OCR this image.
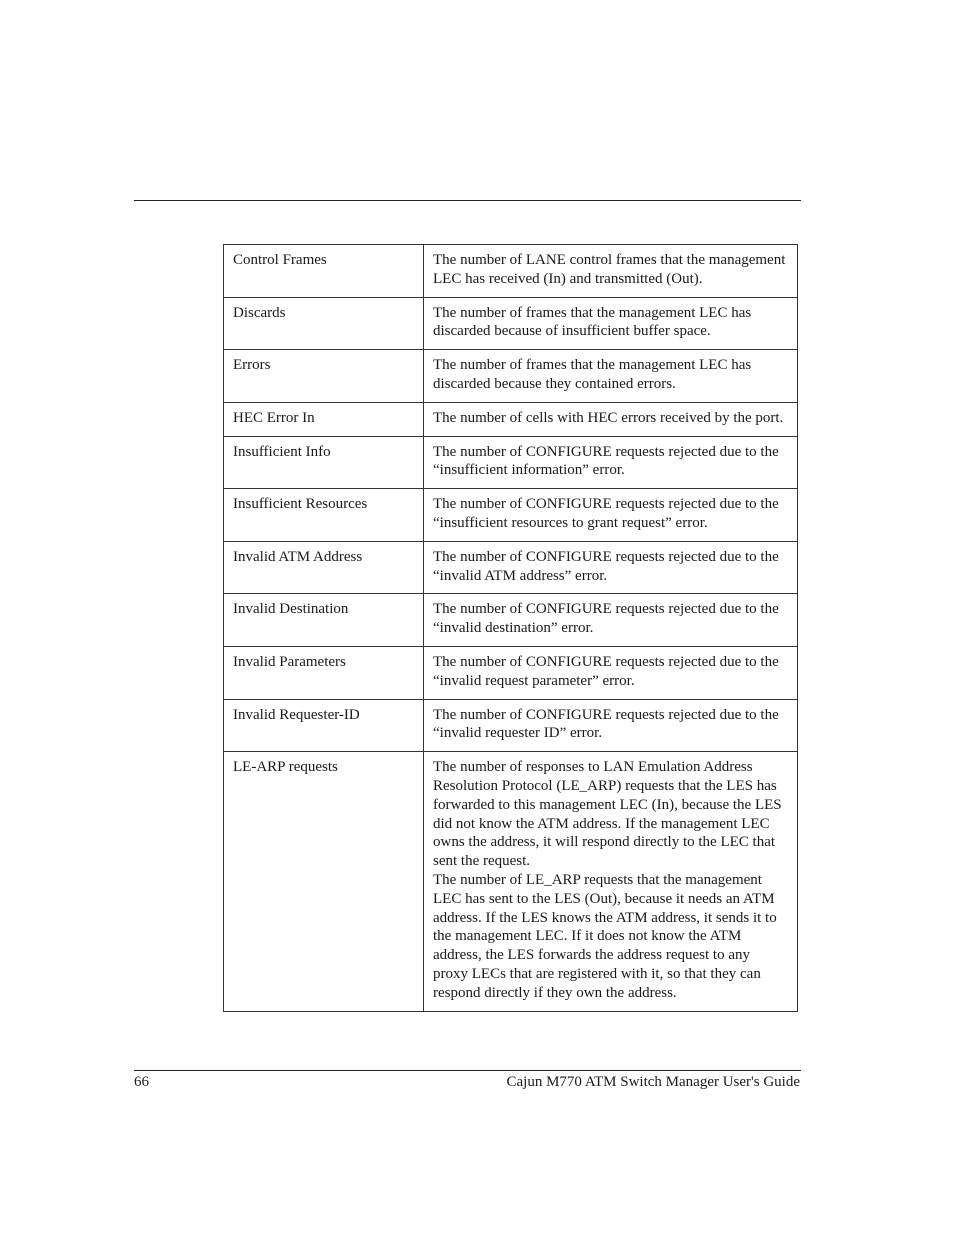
Control Frames	The number of LANE control frames that the management LEC has received (In) and transmitted (Out).

Discards	The number of frames that the management LEC has discarded because of insufficient buffer space.

Errors	The number of frames that the management LEC has discarded because they contained errors.

HEC Error In	The number of cells with HEC errors received by the port.

Insufficient Info	The number of CONFIGURE requests rejected due to the “insufficient information” error.

Insufficient Resources	The number of CONFIGURE requests rejected due to the “insufficient resources to grant request” error.

Invalid ATM Address	The number of CONFIGURE requests rejected due to the “invalid ATM address” error.

Invalid Destination	The number of CONFIGURE requests rejected due to the “invalid destination” error.

Invalid Parameters	The number of CONFIGURE requests rejected due to the “invalid request parameter” error.

Invalid Requester-ID	The number of CONFIGURE requests rejected due to the “invalid requester ID” error.

LE-ARP requests	The number of responses to LAN Emulation Address Resolution Protocol (LE_ARP) requests that the LES has forwarded to this management LEC (In), because the LES did not know the ATM address. If the management LEC owns the address, it will respond directly to the LEC that sent the request.
The number of LE_ARP requests that the management LEC has sent to the LES (Out), because it needs an ATM address. If the LES knows the ATM address, it sends it to the management LEC. If it does not know the ATM address, the LES forwards the address request to any proxy LECs that are registered with it, so that they can respond directly if they own the address.
66	Cajun M770 ATM Switch Manager User's Guide
